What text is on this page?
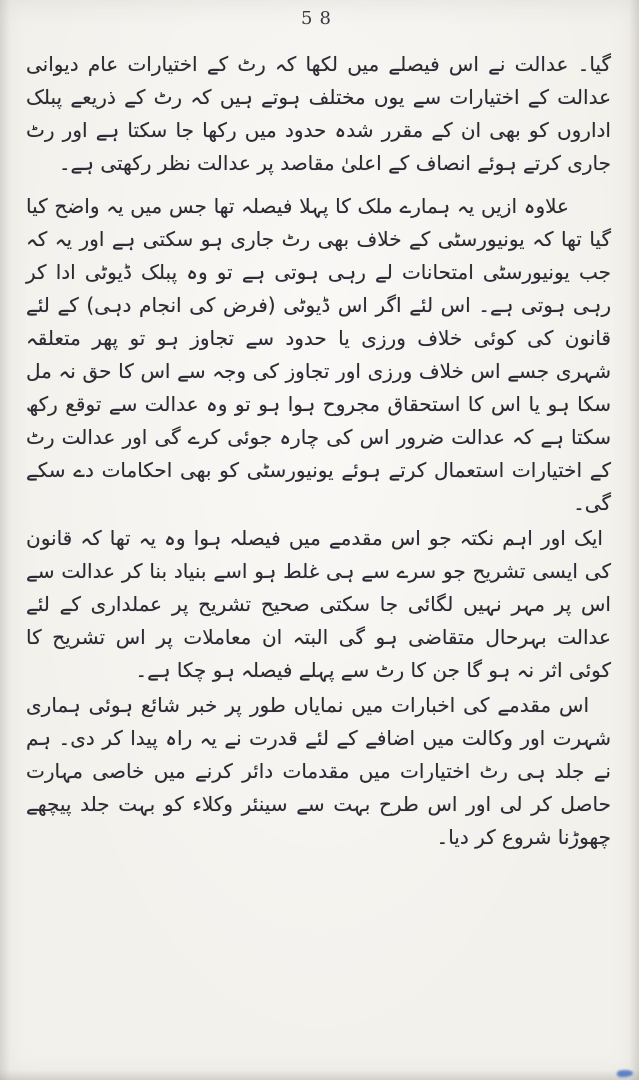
58

گیا۔ عدالت نے اس فیصلے میں لکھا کہ رٹ کے اختیارات عام دیوانی عدالت کے اختیارات سے یوں مختلف ہوتے ہیں کہ رٹ کے ذریعے پبلک اداروں کو بھی ان کے مقرر شدہ حدود میں رکھا جا سکتا ہے اور رٹ جاری کرتے ہوئے انصاف کے اعلیٰ مقاصد پر عدالت نظر رکھتی ہے۔

علاوہ ازیں یہ ہمارے ملک کا پہلا فیصلہ تھا جس میں یہ واضح کیا گیا تھا کہ یونیورسٹی کے خلاف بھی رٹ جاری ہو سکتی ہے اور یہ کہ جب یونیورسٹی امتحانات لے رہی ہوتی ہے تو وہ پبلک ڈیوٹی ادا کر رہی ہوتی ہے۔ اس لئے اگر اس ڈیوٹی (فرض کی انجام دہی) کے لئے قانون کی کوئی خلاف ورزی یا حدود سے تجاوز ہو تو پھر متعلقہ شہری جسے اس خلاف ورزی اور تجاوز کی وجہ سے اس کا حق نہ مل سکا ہو یا اس کا استحقاق مجروح ہوا ہو تو وہ عدالت سے توقع رکھ سکتا ہے کہ عدالت ضرور اس کی چارہ جوئی کرے گی اور عدالت رٹ کے اختیارات استعمال کرتے ہوئے یونیورسٹی کو بھی احکامات دے سکے گی۔

ایک اور اہم نکتہ جو اس مقدمے میں فیصلہ ہوا وہ یہ تھا کہ قانون کی ایسی تشریح جو سرے سے ہی غلط ہو اسے بنیاد بنا کر عدالت سے اس پر مہر نہیں لگائی جا سکتی صحیح تشریح پر عملداری کے لئے عدالت بہرحال متقاضی ہو گی البتہ ان معاملات پر اس تشریح کا کوئی اثر نہ ہو گا جن کا رٹ سے پہلے فیصلہ ہو چکا ہے۔

اس مقدمے کی اخبارات میں نمایاں طور پر خبر شائع ہوئی ہماری شہرت اور وکالت میں اضافے کے لئے قدرت نے یہ راہ پیدا کر دی۔ ہم نے جلد ہی رٹ اختیارات میں مقدمات دائر کرنے میں خاصی مہارت حاصل کر لی اور اس طرح بہت سے سینئر وکلاء کو بہت جلد پیچھے چھوڑنا شروع کر دیا۔
